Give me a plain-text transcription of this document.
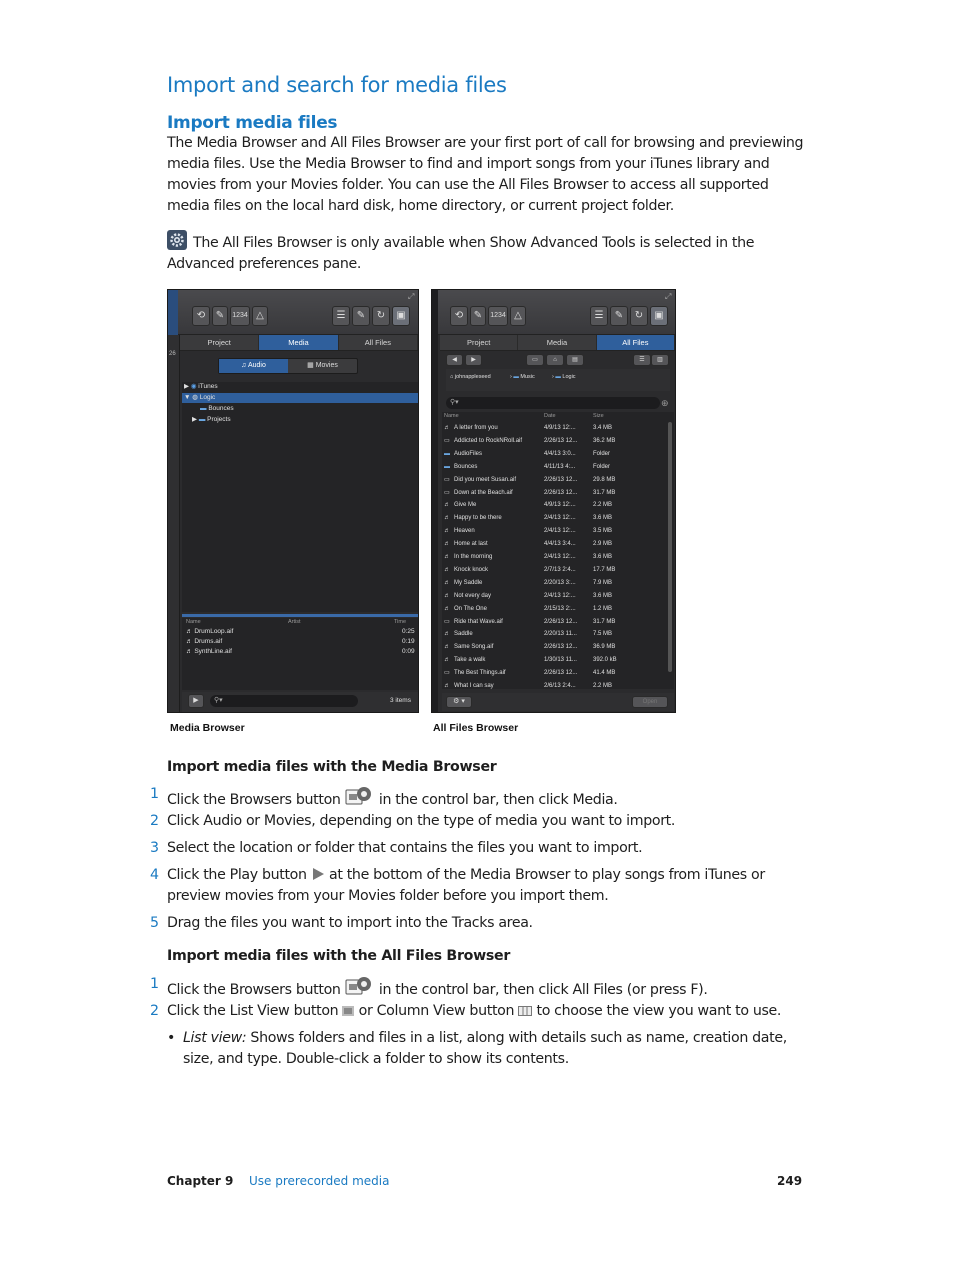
Import and search for media files
Import media files

The Media Browser and All Files Browser are your first port of call for browsing and previewing media files. Use the Media Browser to find and import songs from your iTunes library and movies from your Movies folder. You can use the All Files Browser to access all supported media files on the local hard disk, home directory, or current project folder.

The All Files Browser is only available when Show Advanced Tools is selected in the Advanced preferences pane.
⟲	✎	1234 △	☰	✎	↻	▣
⤢
26
Project	Media	All Files
♫ Audio	▦ Movies
▶ ◉ iTunes
▼ ◍ Logic
▬ Bounces
▶ ▬ Projects
Name	Artist	Time
♬ DrumLoop.aif	0:25
♬ Drums.aif	0:19
♬ SynthLine.aif	0:09
▶	⚲▾	3 items
Media Browser
⟲	✎	1234 △	☰	✎	↻	▣
⤢
Project	Media	All Files
◀	▶	▭	⌂	▤	☰	▥
⌂ johnappleseed	› ▬ Music	› ▬ Logic
⚲▾	⊕
Name	Date	Size
♬ A letter from you	4/9/13 12:...	3.4 MB
▭ Addicted to RockNRoll.aif	2/26/13 12...	36.2 MB
▬ AudioFiles	4/4/13 3:0...	Folder
▬ Bounces	4/11/13 4:...	Folder
▭ Did you meet Susan.aif	2/26/13 12...	29.8 MB
▭ Down at the Beach.aif	2/26/13 12...	31.7 MB
♬ Give Me	4/9/13 12:...	2.2 MB
♬ Happy to be there	2/4/13 12:...	3.6 MB
♬ Heaven	2/4/13 12:...	3.5 MB
♬ Home at last	4/4/13 3:4...	2.9 MB
♬ In the morning	2/4/13 12:...	3.6 MB
♬ Knock knock	2/7/13 2:4...	17.7 MB
♬ My Saddle	2/20/13 3:...	7.9 MB
♬ Not every day	2/4/13 12:...	3.6 MB
♬ On The One	2/15/13 2:...	1.2 MB
▭ Ride that Wave.aif	2/26/13 12...	31.7 MB
♬ Saddle	2/20/13 11...	7.5 MB
♬ Same Song.aif	2/26/13 12...	36.9 MB
♬ Take a walk	1/30/13 11...	392.0 kB
▭ The Best Things.aif	2/26/13 12...	41.4 MB
♬ What I can say	2/6/13 2:4...	2.2 MB
⚙ ▾	Open
All Files Browser
Import media files with the Media Browser
1 Click the Browsers button	in the control bar, then click Media.
2 Click Audio or Movies, depending on the type of media you want to import.
3 Select the location or folder that contains the files you want to import.
4 Click the Play button at the bottom of the Media Browser to play songs from iTunes or preview movies from your Movies folder before you import them.
5 Drag the files you want to import into the Tracks area.
Import media files with the All Files Browser
1 Click the Browsers button	in the control bar, then click All Files (or press F).
2 Click the List View button or Column View button to choose the view you want to use.
• List view: Shows folders and files in a list, along with details such as name, creation date, size, and type. Double-click a folder to show its contents.
Chapter 9 Use prerecorded media	249
